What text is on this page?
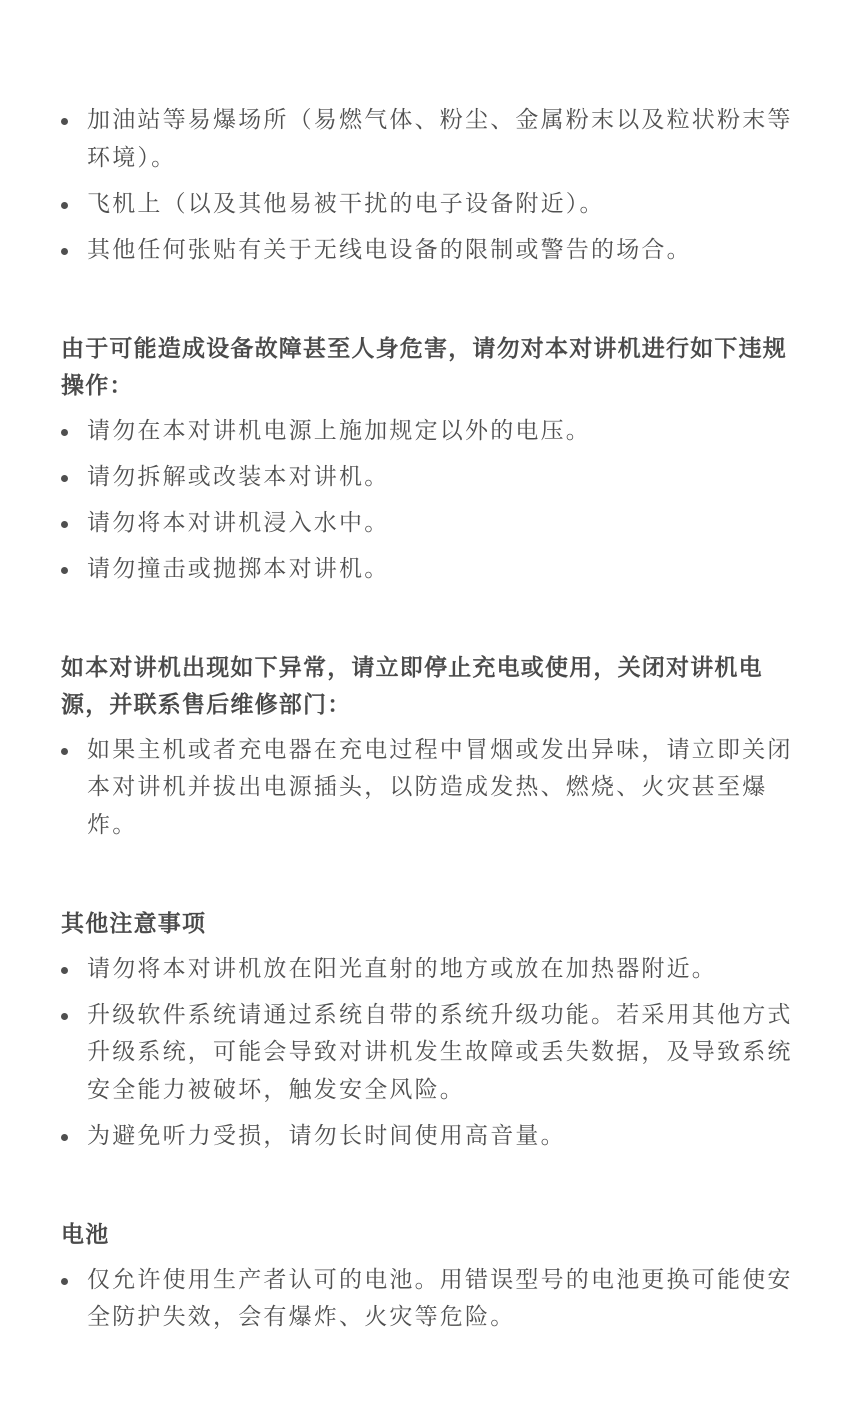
加油站等易爆场所（易燃气体、粉尘、金属粉末以及粒状粉末等环境）。
飞机上（以及其他易被干扰的电子设备附近）。
其他任何张贴有关于无线电设备的限制或警告的场合。
由于可能造成设备故障甚至人身危害，请勿对本对讲机进行如下违规操作：
请勿在本对讲机电源上施加规定以外的电压。
请勿拆解或改装本对讲机。
请勿将本对讲机浸入水中。
请勿撞击或抛掷本对讲机。
如本对讲机出现如下异常，请立即停止充电或使用，关闭对讲机电源，并联系售后维修部门：
如果主机或者充电器在充电过程中冒烟或发出异味，请立即关闭本对讲机并拔出电源插头，以防造成发热、燃烧、火灾甚至爆炸。
其他注意事项
请勿将本对讲机放在阳光直射的地方或放在加热器附近。
升级软件系统请通过系统自带的系统升级功能。若采用其他方式升级系统，可能会导致对讲机发生故障或丢失数据，及导致系统安全能力被破坏，触发安全风险。
为避免听力受损，请勿长时间使用高音量。
电池
仅允许使用生产者认可的电池。用错误型号的电池更换可能使安全防护失效，会有爆炸、火灾等危险。
